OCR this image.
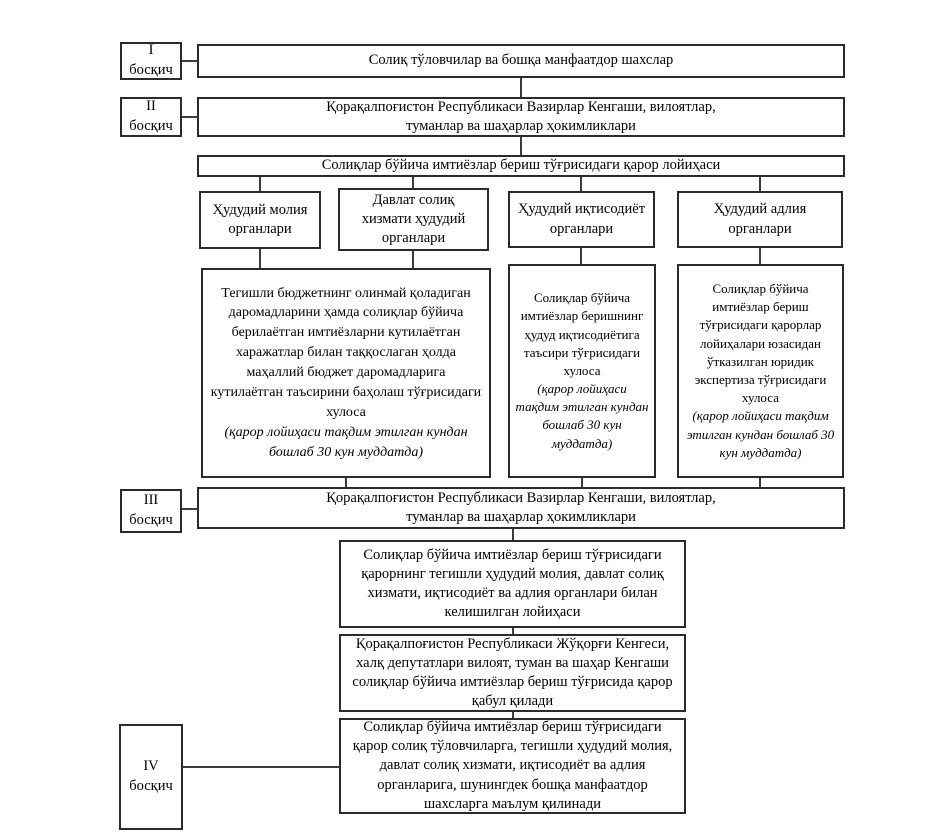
I
босқич
Солиқ тўловчилар ва бошқа манфаатдор шахслар
II
босқич
Қорақалпоғистон Республикаси Вазирлар Кенгаши, вилоятлар,
туманлар ва шаҳарлар ҳокимликлари
Солиқлар бўйича имтиёзлар бериш тўғрисидаги қарор лойиҳаси
Ҳудудий молия органлари
Давлат солиқ хизмати ҳудудий органлари
Ҳудудий иқтисодиёт органлари
Ҳудудий адлия органлари
Тегишли бюджетнинг олинмай қоладиган даромадларини ҳамда солиқлар бўйича берилаётган имтиёзларни кутилаётган харажатлар билан таққослаган ҳолда маҳаллий бюджет даромадларига кутилаётган таъсирини баҳолаш тўғрисидаги хулоса
(қарор лойиҳаси тақдим этилган кундан бошлаб 30 кун муддатда)
Солиқлар бўйича имтиёзлар беришнинг ҳудуд иқтисодиётига таъсири тўғрисидаги хулоса
(қарор лойиҳаси тақдим этилган кундан бошлаб 30 кун муддатда)
Солиқлар бўйича имтиёзлар бериш тўғрисидаги қарорлар лойиҳалари юзасидан ўтказилган юридик экспертиза тўғрисидаги хулоса
(қарор лойиҳаси тақдим этилган кундан бошлаб 30 кун муддатда)
III
босқич
Қорақалпоғистон Республикаси Вазирлар Кенгаши, вилоятлар,
туманлар ва шаҳарлар ҳокимликлари
Солиқлар бўйича имтиёзлар бериш тўғрисидаги қарорнинг тегишли ҳудудий молия, давлат солиқ хизмати, иқтисодиёт ва адлия органлари билан келишилган лойиҳаси
Қорақалпоғистон Республикаси Жўқорғи Кенгеси, халқ депутатлари вилоят, туман ва шаҳар Кенгаши солиқлар бўйича имтиёзлар бериш тўғрисида қарор қабул қилади
IV
босқич
Солиқлар бўйича имтиёзлар бериш тўғрисидаги қарор солиқ тўловчиларга, тегишли ҳудудий молия, давлат солиқ хизмати, иқтисодиёт ва адлия органларига, шунингдек бошқа манфаатдор шахсларга маълум қилинади
